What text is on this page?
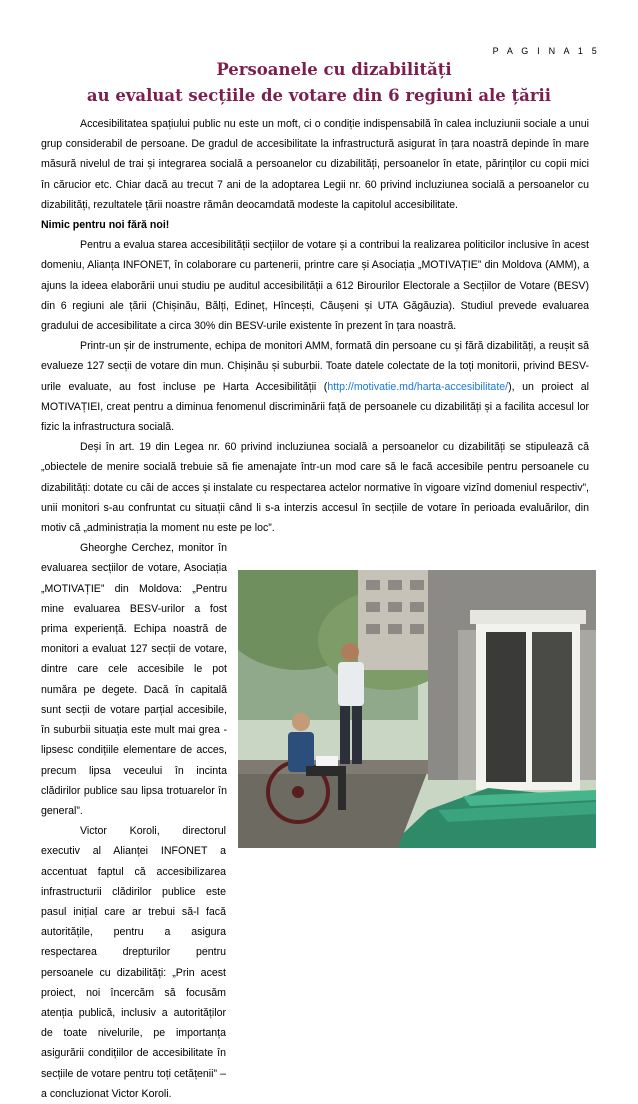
P A G I N A 1 5
Persoanele cu dizabilități
au evaluat secțiile de votare din 6 regiuni ale țării

Accesibilitatea spațiului public nu este un moft, ci o condiție indispensabilă în calea incluziunii sociale a unui grup considerabil de persoane. De gradul de accesibilitate la infrastructură asigurat în țara noastră depinde în mare măsură nivelul de trai și integrarea socială a persoanelor cu dizabilități, persoanelor în etate, părinților cu copii mici în cărucior etc. Chiar dacă au trecut 7 ani de la adoptarea Legii nr. 60 privind incluziunea socială a persoanelor cu dizabilități, rezultatele țării noastre rămân deocamdată modeste la capitolul accesibilitate.

Nimic pentru noi fără noi!

Pentru a evalua starea accesibilității secțiilor de votare și a contribui la realizarea politicilor inclusive în acest domeniu, Alianța INFONET, în colaborare cu partenerii, printre care și Asociația „MOTIVAȚIE” din Moldova (AMM), a ajuns la ideea elaborării unui studiu pe auditul accesibilității a 612 Birourilor Electorale a Secțiilor de Votare (BESV) din 6 regiuni ale țării (Chișinău, Bălți, Edineț, Hîncești, Căușeni și UTA Găgăuzia). Studiul prevede evaluarea gradului de accesibilitate a circa 30% din BESV-urile existente în prezent în țara noastră.

Printr-un șir de instrumente, echipa de monitori AMM, formată din persoane cu și fără dizabilități, a reușit să evalueze 127 secții de votare din mun. Chișinău și suburbii. Toate datele colectate de la toți monitorii, privind BESV-urile evaluate, au fost incluse pe Harta Accesibilității (http://motivatie.md/harta-accesibilitate/), un proiect al MOTIVAȚIEI, creat pentru a diminua fenomenul discriminării față de persoanele cu dizabilități și a facilita accesul lor fizic la infrastructura socială.

Deși în art. 19 din Legea nr. 60 privind incluziunea socială a persoanelor cu dizabilități se stipulează că „obiectele de menire socială trebuie să fie amenajate într-un mod care să le facă accesibile pentru persoanele cu dizabilități: dotate cu căi de acces și instalate cu respectarea actelor normative în vigoare vizînd domeniul respectiv”, unii monitori s-au confruntat cu situații când li s-a interzis accesul în secțiile de votare în perioada evaluărilor, din motiv că „administrația la moment nu este pe loc”.

Gheorghe Cerchez, monitor în evaluarea secțiilor de votare, Asociația „MOTIVAȚIE” din Moldova: „Pentru mine evaluarea BESV-urilor a fost prima experiență. Echipa noastră de monitori a evaluat 127 secții de votare, dintre care cele accesibile le pot număra pe degete. Dacă în capitală sunt secții de votare parțial accesibile, în suburbii situația este mult mai grea - lipsesc condițiile elementare de acces, precum lipsa veceului în incinta clădirilor publice sau lipsa trotuarelor în general”.

Victor Koroli, directorul executiv al Alianței INFONET a accentuat faptul că accesibilizarea infrastructurii clădirilor publice este pasul inițial care ar trebui să-l facă autoritățile, pentru a asigura respectarea drepturilor pentru persoanele cu dizabilități: „Prin acest proiect, noi încercăm să focusăm atenția publică, inclusiv a autorităților de toate nivelurile, pe importanța asigurării condițiilor de accesibilitate în secțiile de votare pentru toți cetățenii” – a concluzionat Victor Koroli.
